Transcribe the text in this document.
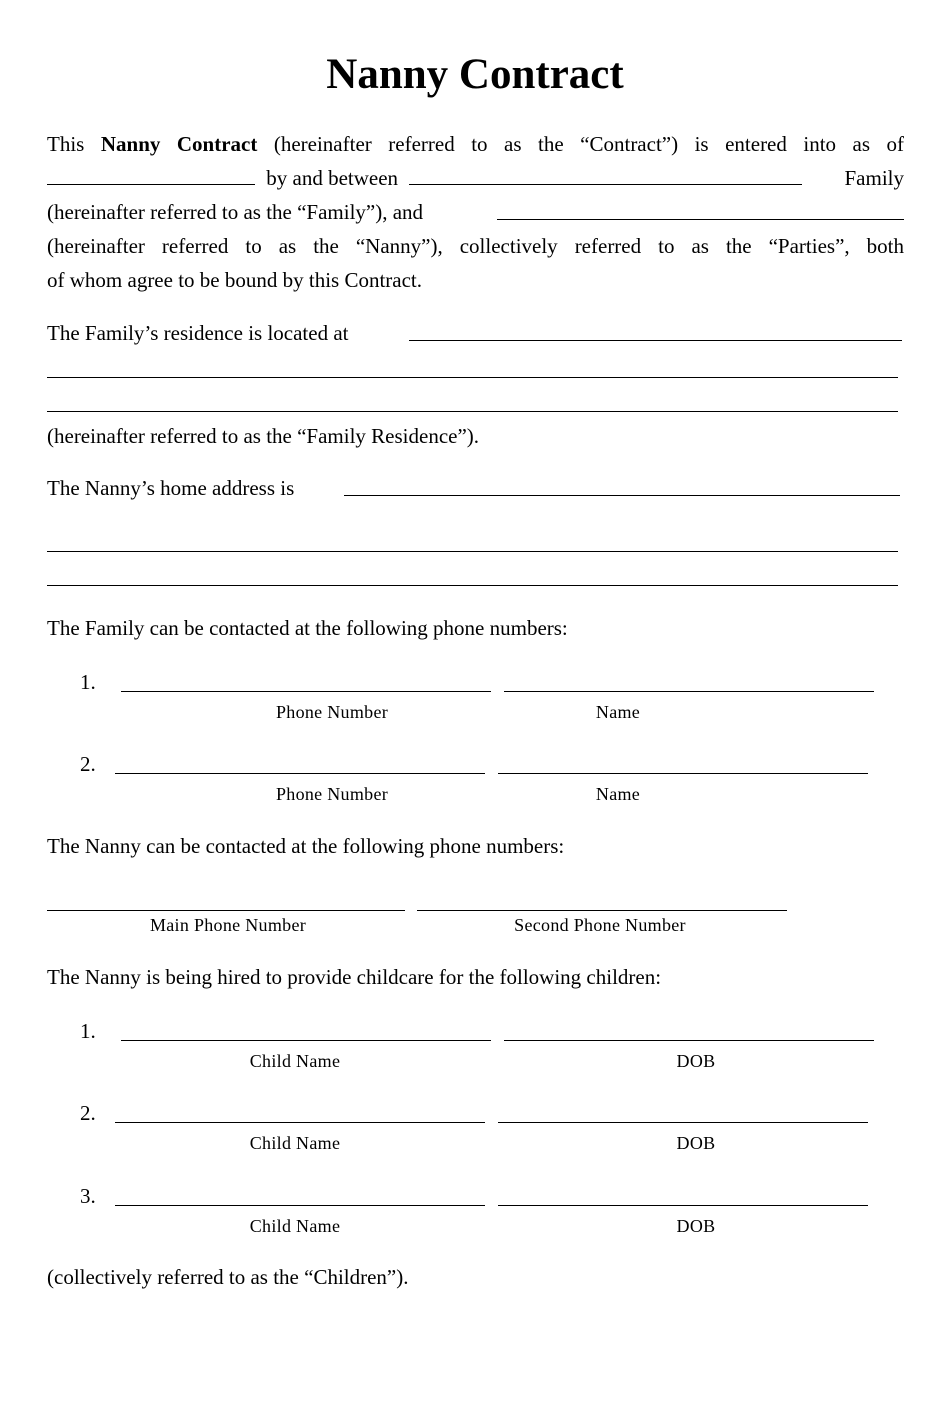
Nanny Contract
This Nanny Contract (hereinafter referred to as the “Contract”) is entered into as of
by and between	Family
(hereinafter referred to as the “Family”), and
(hereinafter referred to as the “Nanny”), collectively referred to as the “Parties”, both
of whom agree to be bound by this Contract.
The Family’s residence is located at
(hereinafter referred to as the “Family Residence”).
The Nanny’s home address is
The Family can be contacted at the following phone numbers:
1.
Phone Number	Name
2.
Phone Number	Name
The Nanny can be contacted at the following phone numbers:
Main Phone Number	Second Phone Number
The Nanny is being hired to provide childcare for the following children:
1.
Child Name	DOB
2.
Child Name	DOB
3.
Child Name	DOB
(collectively referred to as the “Children”).
